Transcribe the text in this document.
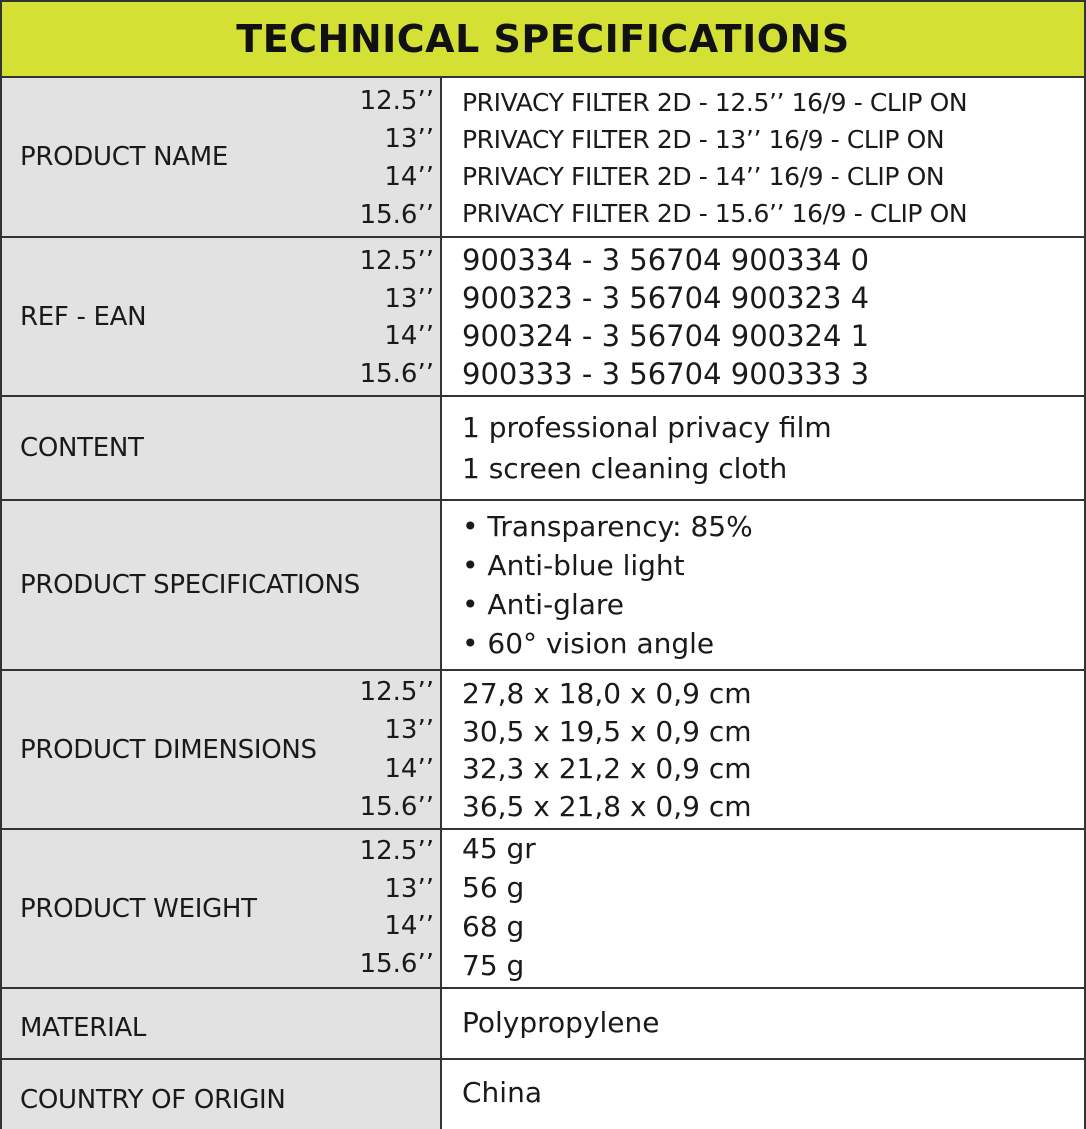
TECHNICAL SPECIFICATIONS
PRODUCT NAME
12.5’’
13’’
14’’
15.6’’
PRIVACY FILTER 2D - 12.5’’ 16/9 - CLIP ON
PRIVACY FILTER 2D - 13’’ 16/9 - CLIP ON
PRIVACY FILTER 2D - 14’’ 16/9 - CLIP ON
PRIVACY FILTER 2D - 15.6’’ 16/9 - CLIP ON
REF - EAN
12.5’’
13’’
14’’
15.6’’
900334 - 3 56704 900334 0
900323 - 3 56704 900323 4
900324 - 3 56704 900324 1
900333 - 3 56704 900333 3
CONTENT
1 professional privacy film
1 screen cleaning cloth
PRODUCT SPECIFICATIONS
• Transparency: 85%
• Anti-blue light
• Anti-glare
• 60° vision angle
PRODUCT DIMENSIONS
12.5’’
13’’
14’’
15.6’’
27,8 x 18,0 x 0,9 cm
30,5 x 19,5 x 0,9 cm
32,3 x 21,2 x 0,9 cm
36,5 x 21,8 x 0,9 cm
PRODUCT WEIGHT
12.5’’
13’’
14’’
15.6’’
45 gr
56 g
68 g
75 g
MATERIAL	Polypropylene
COUNTRY OF ORIGIN	China
